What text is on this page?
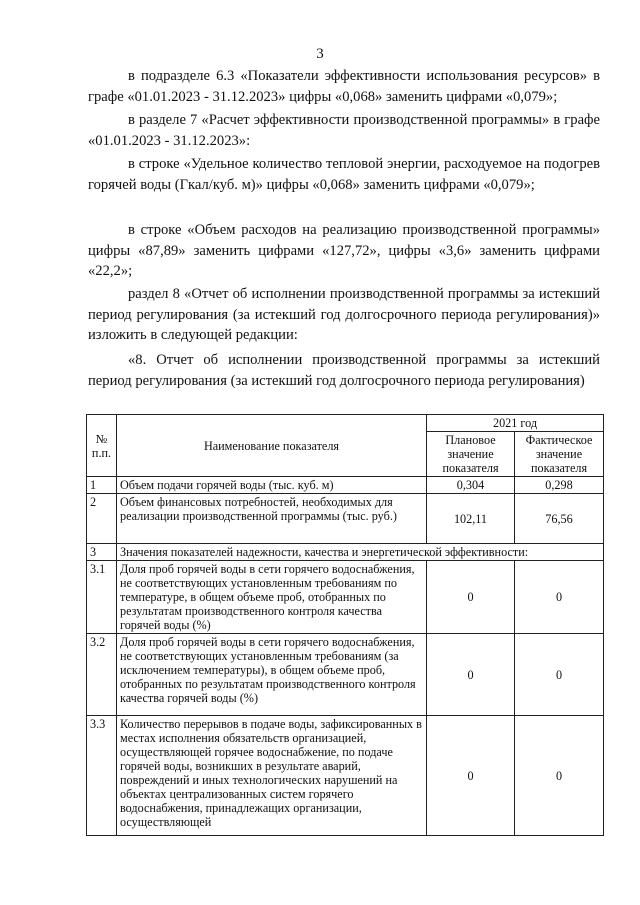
3

в подразделе 6.3 «Показатели эффективности использования ресурсов» в графе «01.01.2023 - 31.12.2023» цифры «0,068» заменить цифрами «0,079»;

в разделе 7 «Расчет эффективности производственной программы» в графе «01.01.2023 - 31.12.2023»:

в строке «Удельное количество тепловой энергии, расходуемое на подогрев горячей воды (Гкал/куб. м)» цифры «0,068» заменить цифрами «0,079»;

в строке «Объем расходов на реализацию производственной программы» цифры «87,89» заменить цифрами «127,72», цифры «3,6» заменить цифрами «22,2»;

раздел 8 «Отчет об исполнении производственной программы за истекший период регулирования (за истекший год долгосрочного периода регулирования)» изложить в следующей редакции:

«8. Отчет об исполнении производственной программы за истекший период регулирования (за истекший год долгосрочного периода регулирования)

№ п.п.	Наименование показателя	2021 год	
		Плановое значение показателя	Фактическое значение показателя
1	Объем подачи горячей воды (тыс. куб. м)	0,304	0,298
2	Объем финансовых потребностей, необходимых для реализации производственной программы (тыс. руб.)	102,11	76,56
3	Значения показателей надежности, качества и энергетической эффективности:		
3.1	Доля проб горячей воды в сети горячего водоснабжения, не соответствующих установленным требованиям по температуре, в общем объеме проб, отобранных по результатам производственного контроля качества горячей воды (%)	0	0
3.2	Доля проб горячей воды в сети горячего водоснабжения, не соответствующих установленным требованиям (за исключением температуры), в общем объеме проб, отобранных по результатам производственного контроля качества горячей воды (%)	0	0
3.3	Количество перерывов в подаче воды, зафиксированных в местах исполнения обязательств организацией, осуществляющей горячее водоснабжение, по подаче горячей воды, возникших в результате аварий, повреждений и иных технологических нарушений на объектах централизованных систем горячего водоснабжения, принадлежащих организации, осуществляющей	0	0
